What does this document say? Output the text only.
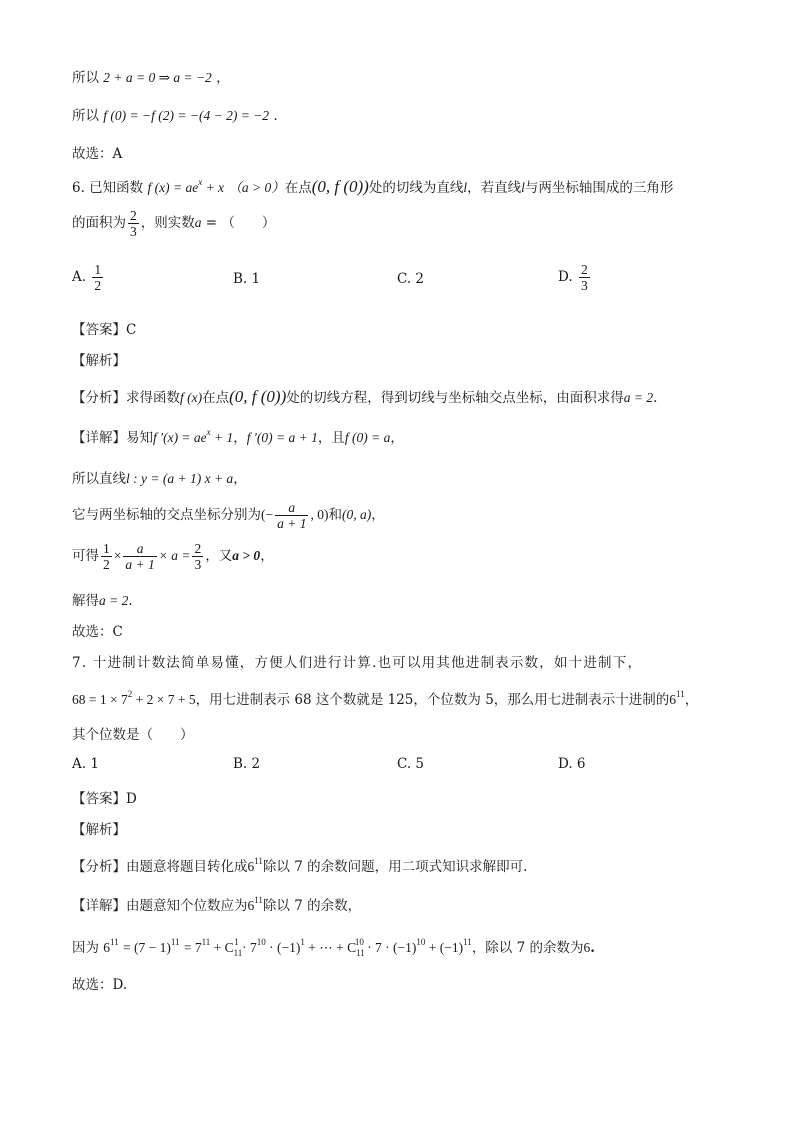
所以 2 + a = 0 ⇒ a = −2 ，
所以 f (0) = −f (2) = −(4 − 2) = −2 .
故选：A
6. 已知函数 f $(x) = ae^x + x$ （a > 0）在点(0, f (0))处的切线为直线l，若直线l与两坐标轴围成的三角形
的面积为 $\frac{2}{3}$ ，则实数a = （　　）
A. $\frac{1}{2}$	B. 1	C. 2	D. $\frac{2}{3}$
【答案】C
【解析】
【分析】求得函数f (x)在点(0, f (0))处的切线方程，得到切线与坐标轴交点坐标，由面积求得a = 2.
【详解】易知f $'(x) = ae^x + 1$，f ′(0) = a + 1，且f (0) = a，
所以直线l : y = (a + 1) x + a，
它与两坐标轴的交点坐标分别为(− $\frac{a}{a + 1}$ , 0)和(0, a)，
可得 $\frac{1}{2} \times \frac{a}{a + 1} \times a = \frac{2}{3}$ ，又a > 0，
解得a = 2.
故选：C
7. 十进制计数法简单易懂，方便人们进行计算.也可以用其他进制表示数，如十进制下，
$68 = 1 \times 7^2 + 2 \times 7 + 5$，用七进制表示 68 这个数就是 125，个位数为 5，那么用七进制表示十进制的$6^{11}$，
其个位数是（　　）
A. 1	B. 2	C. 5	D. 6
【答案】D
【解析】
【分析】由题意将题目转化成$6^{11}$除以 7 的余数问题，用二项式知识求解即可.
【详解】由题意知个位数应为$6^{11}$除以 7 的余数，
因为 $6^{11} = (7 - 1)^{11} = 7^{11} + C_{11}^1 \cdot 7^{10} \cdot (-1)^1$ + ⋯ + $C_{11}^{10} \cdot 7 \cdot (-1)^{10} + (-1)^{11}$，除以 7 的余数为6.
故选：D.
